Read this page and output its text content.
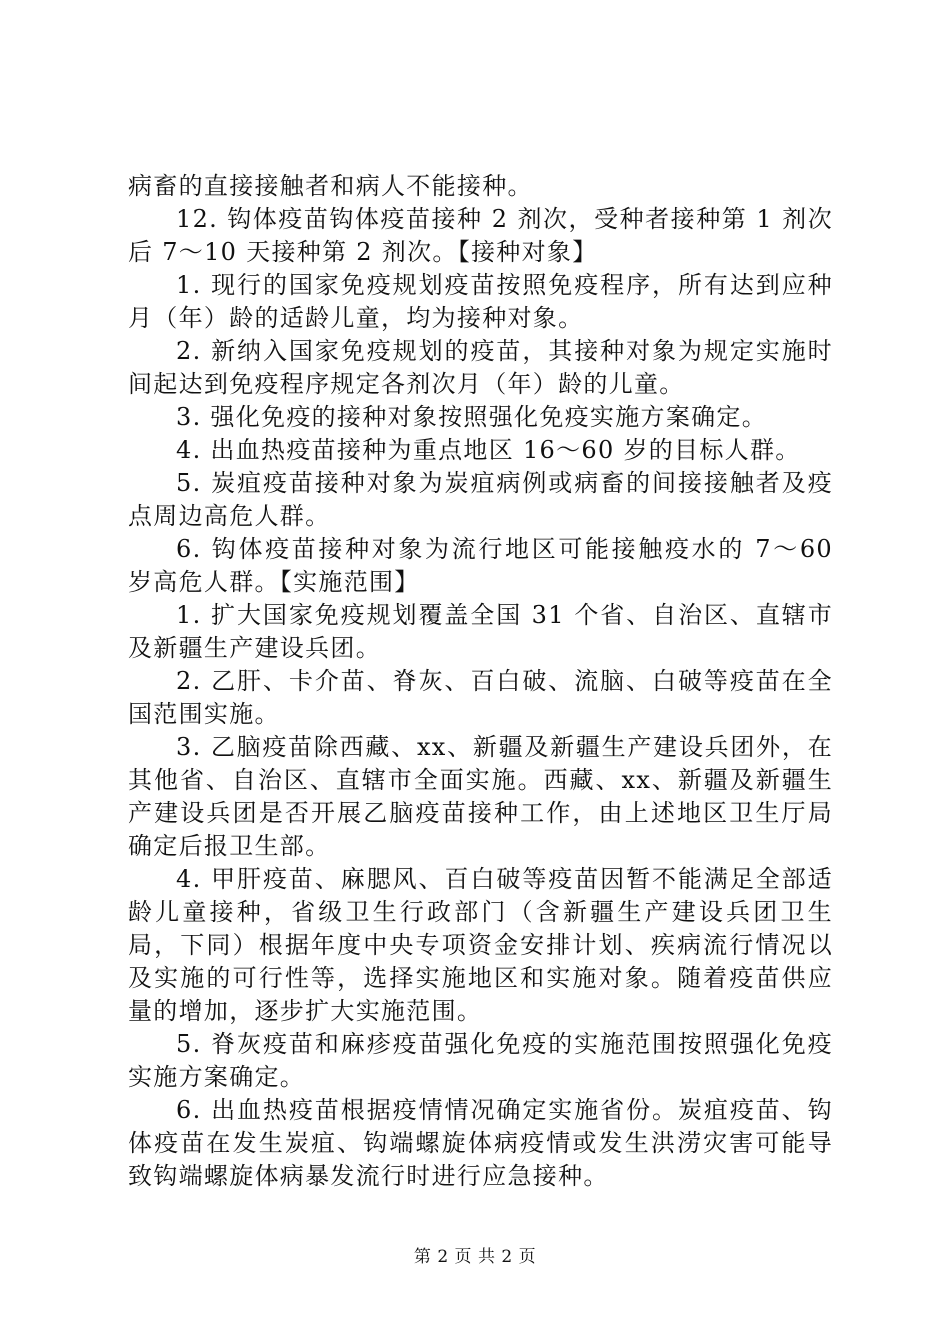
病畜的直接接触者和病人不能接种。

12. 钩体疫苗钩体疫苗接种 2 剂次，受种者接种第 1 剂次后 7～10 天接种第 2 剂次。【接种对象】

1. 现行的国家免疫规划疫苗按照免疫程序，所有达到应种月（年）龄的适龄儿童，均为接种对象。

2. 新纳入国家免疫规划的疫苗，其接种对象为规定实施时间起达到免疫程序规定各剂次月（年）龄的儿童。

3. 强化免疫的接种对象按照强化免疫实施方案确定。

4. 出血热疫苗接种为重点地区 16～60 岁的目标人群。

5. 炭疽疫苗接种对象为炭疽病例或病畜的间接接触者及疫点周边高危人群。

6. 钩体疫苗接种对象为流行地区可能接触疫水的 7～60 岁高危人群。【实施范围】

1. 扩大国家免疫规划覆盖全国 31 个省、自治区、直辖市及新疆生产建设兵团。

2. 乙肝、卡介苗、脊灰、百白破、流脑、白破等疫苗在全国范围实施。

3. 乙脑疫苗除西藏、xx、新疆及新疆生产建设兵团外，在其他省、自治区、直辖市全面实施。西藏、xx、新疆及新疆生产建设兵团是否开展乙脑疫苗接种工作，由上述地区卫生厅局确定后报卫生部。

4. 甲肝疫苗、麻腮风、百白破等疫苗因暂不能满足全部适龄儿童接种，省级卫生行政部门（含新疆生产建设兵团卫生局，下同）根据年度中央专项资金安排计划、疾病流行情况以及实施的可行性等，选择实施地区和实施对象。随着疫苗供应量的增加，逐步扩大实施范围。

5. 脊灰疫苗和麻疹疫苗强化免疫的实施范围按照强化免疫实施方案确定。

6. 出血热疫苗根据疫情情况确定实施省份。炭疽疫苗、钩体疫苗在发生炭疽、钩端螺旋体病疫情或发生洪涝灾害可能导致钩端螺旋体病暴发流行时进行应急接种。

第 2 页 共 2 页
